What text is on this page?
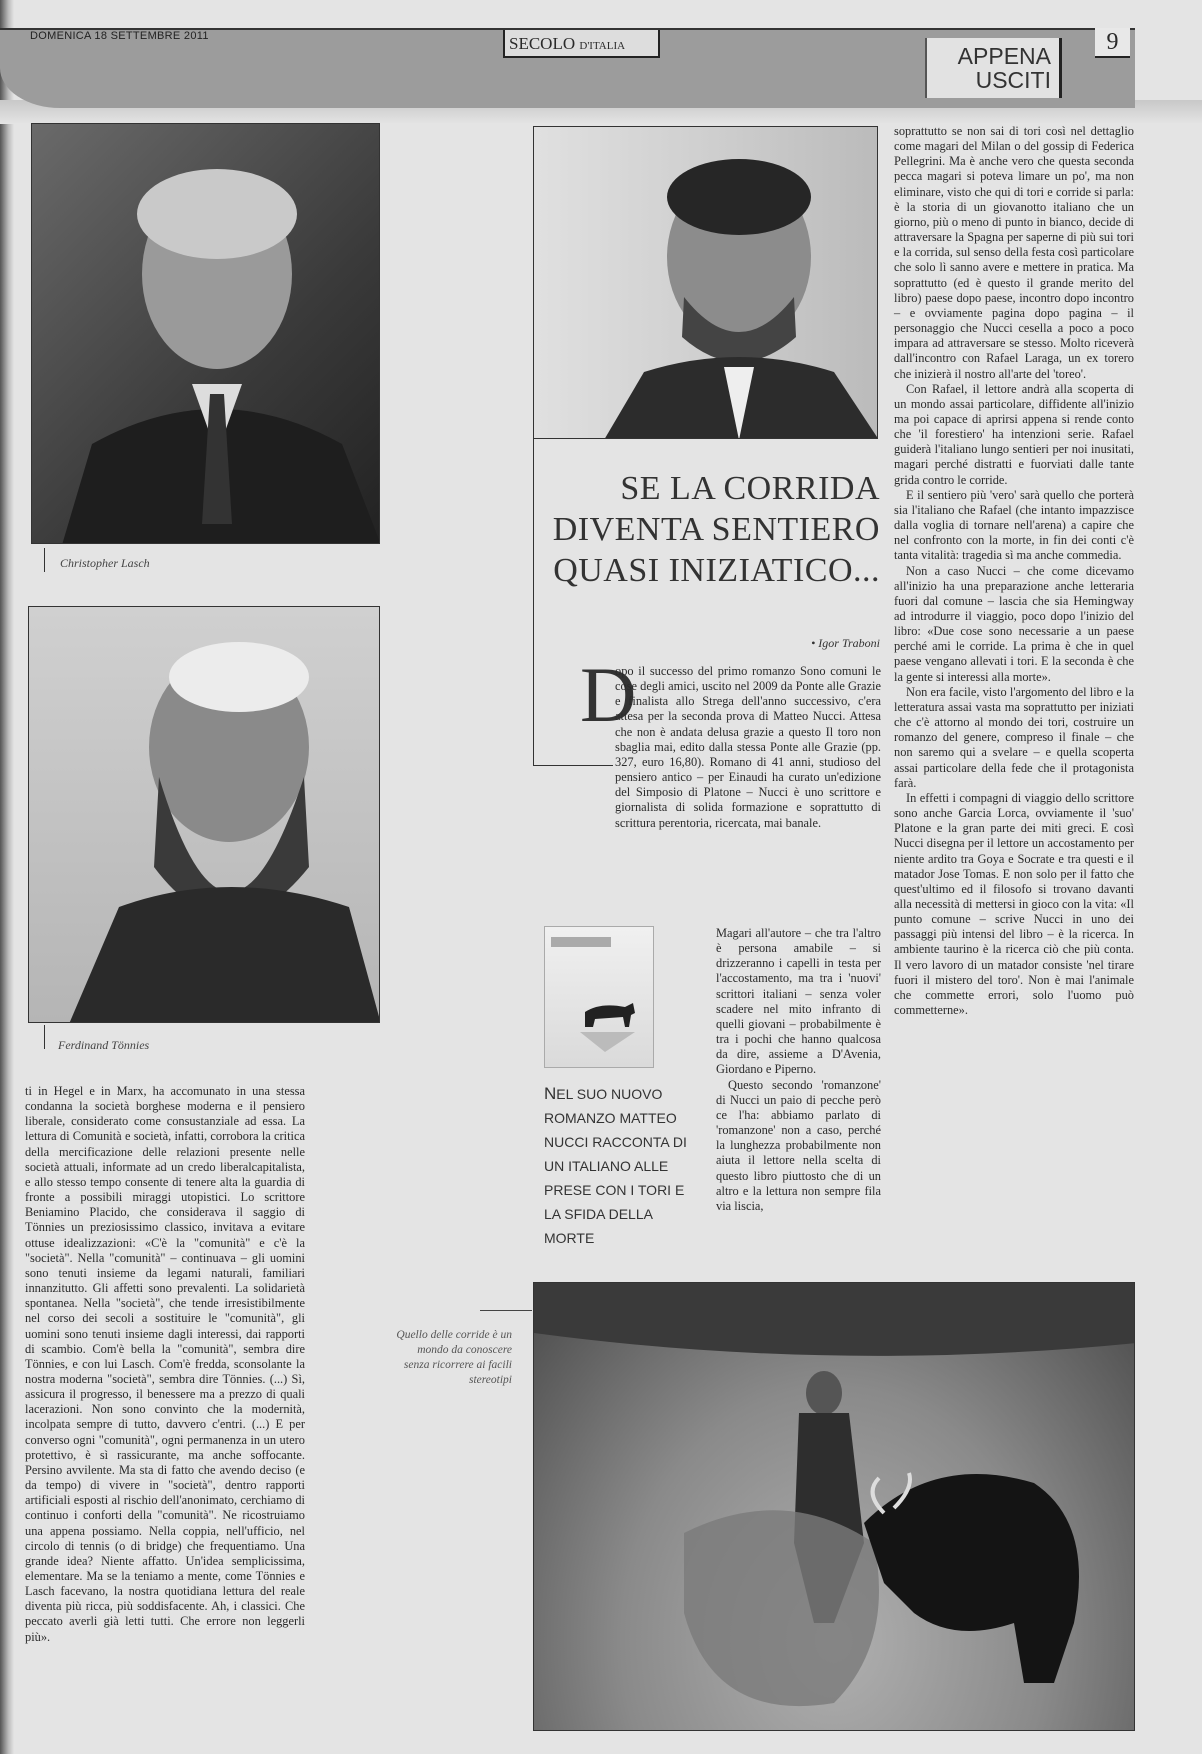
DOMENICA 18 SETTEMBRE 2011	SECOLO D'ITALIA	APPENA
USCITI
9
Christopher Lasch
Ferdinand Tönnies

ti in Hegel e in Marx, ha accomunato in una stessa condanna la società borghese moderna e il pensiero liberale, considerato come consustanziale ad essa. La lettura di Comunità e società, infatti, corrobora la critica della mercificazione delle relazioni presente nelle società attuali, informate ad un credo liberalcapitalista, e allo stesso tempo consente di tenere alta la guardia di fronte a possibili miraggi utopistici. Lo scrittore Beniamino Placido, che considerava il saggio di Tönnies un preziosissimo classico, invitava a evitare ottuse idealizzazioni: «C'è la "comunità" e c'è la "società". Nella "comunità" – continuava – gli uomini sono tenuti insieme da legami naturali, familiari innanzitutto. Gli affetti sono prevalenti. La solidarietà spontanea. Nella "società", che tende irresistibilmente nel corso dei secoli a sostituire le "comunità", gli uomini sono tenuti insieme dagli interessi, dai rapporti di scambio. Com'è bella la "comunità", sembra dire Tönnies, e con lui Lasch. Com'è fredda, sconsolante la nostra moderna "società", sembra dire Tönnies. (...) Sì, assicura il progresso, il benessere ma a prezzo di quali lacerazioni. Non sono convinto che la modernità, incolpata sempre di tutto, davvero c'entri. (...) E per converso ogni "comunità", ogni permanenza in un utero protettivo, è sì rassicurante, ma anche soffocante. Persino avvilente. Ma sta di fatto che avendo deciso (e da tempo) di vivere in "società", dentro rapporti artificiali esposti al rischio dell'anonimato, cerchiamo di continuo i conforti della "comunità". Ne ricostruiamo una appena possiamo. Nella coppia, nell'ufficio, nel circolo di tennis (o di bridge) che frequentiamo. Una grande idea? Niente affatto. Un'idea semplicissima, elementare. Ma se la teniamo a mente, come Tönnies e Lasch facevano, la nostra quotidiana lettura del reale diventa più ricca, più soddisfacente. Ah, i classici. Che peccato averli già letti tutti. Che errore non leggerli più».

SE LA CORRIDA
DIVENTA SENTIERO
QUASI INIZIATICO...
• Igor Traboni
D

opo il successo del primo romanzo Sono comuni le cose degli amici, uscito nel 2009 da Ponte alle Grazie e finalista allo Strega dell'anno successivo, c'era attesa per la seconda prova di Matteo Nucci. Attesa che non è andata delusa grazie a questo Il toro non sbaglia mai, edito dalla stessa Ponte alle Grazie (pp. 327, euro 16,80). Romano di 41 anni, studioso del pensiero antico – per Einaudi ha curato un'edizione del Simposio di Platone – Nucci è uno scrittore e giornalista di solida formazione e soprattutto di scrittura perentoria, ricercata, mai banale.

NEL SUO NUOVO ROMANZO MATTEO NUCCI RACCONTA DI UN ITALIANO ALLE PRESE CON I TORI E LA SFIDA DELLA MORTE

Magari all'autore – che tra l'altro è persona amabile – si drizzeranno i capelli in testa per l'accostamento, ma tra i 'nuovi' scrittori italiani – senza voler scadere nel mito infranto di quelli giovani – probabilmente è tra i pochi che hanno qualcosa da dire, assieme a D'Avenia, Giordano e Piperno.

Questo secondo 'romanzone' di Nucci un paio di pecche però ce l'ha: abbiamo parlato di 'romanzone' non a caso, perché la lunghezza probabilmente non aiuta il lettore nella scelta di questo libro piuttosto che di un altro e la lettura non sempre fila via liscia,

soprattutto se non sai di tori così nel dettaglio come magari del Milan o del gossip di Federica Pellegrini. Ma è anche vero che questa seconda pecca magari si poteva limare un po', ma non eliminare, visto che qui di tori e corride si parla: è la storia di un giovanotto italiano che un giorno, più o meno di punto in bianco, decide di attraversare la Spagna per saperne di più sui tori e la corrida, sul senso della festa così particolare che solo lì sanno avere e mettere in pratica. Ma soprattutto (ed è questo il grande merito del libro) paese dopo paese, incontro dopo incontro – e ovviamente pagina dopo pagina – il personaggio che Nucci cesella a poco a poco impara ad attraversare se stesso. Molto riceverà dall'incontro con Rafael Laraga, un ex torero che inizierà il nostro all'arte del 'toreo'.

Con Rafael, il lettore andrà alla scoperta di un mondo assai particolare, diffidente all'inizio ma poi capace di aprirsi appena si rende conto che 'il forestiero' ha intenzioni serie. Rafael guiderà l'italiano lungo sentieri per noi inusitati, magari perché distratti e fuorviati dalle tante grida contro le corride.

E il sentiero più 'vero' sarà quello che porterà sia l'italiano che Rafael (che intanto impazzisce dalla voglia di tornare nell'arena) a capire che nel confronto con la morte, in fin dei conti c'è tanta vitalità: tragedia sì ma anche commedia.

Non a caso Nucci – che come dicevamo all'inizio ha una preparazione anche letteraria fuori dal comune – lascia che sia Hemingway ad introdurre il viaggio, poco dopo l'inizio del libro: «Due cose sono necessarie a un paese perché ami le corride. La prima è che in quel paese vengano allevati i tori. E la seconda è che la gente si interessi alla morte».

Non era facile, visto l'argomento del libro e la letteratura assai vasta ma soprattutto per iniziati che c'è attorno al mondo dei tori, costruire un romanzo del genere, compreso il finale – che non saremo qui a svelare – e quella scoperta assai particolare della fede che il protagonista farà.

In effetti i compagni di viaggio dello scrittore sono anche Garcia Lorca, ovviamente il 'suo' Platone e la gran parte dei miti greci. E così Nucci disegna per il lettore un accostamento per niente ardito tra Goya e Socrate e tra questi e il matador Jose Tomas. E non solo per il fatto che quest'ultimo ed il filosofo si trovano davanti alla necessità di mettersi in gioco con la vita: «Il punto comune – scrive Nucci in uno dei passaggi più intensi del libro – è la ricerca. In ambiente taurino è la ricerca ciò che più conta. Il vero lavoro di un matador consiste 'nel tirare fuori il mistero del toro'. Non è mai l'animale che commette errori, solo l'uomo può commetterne».

Quello delle corride è un mondo da conoscere senza ricorrere ai facili stereotipi
